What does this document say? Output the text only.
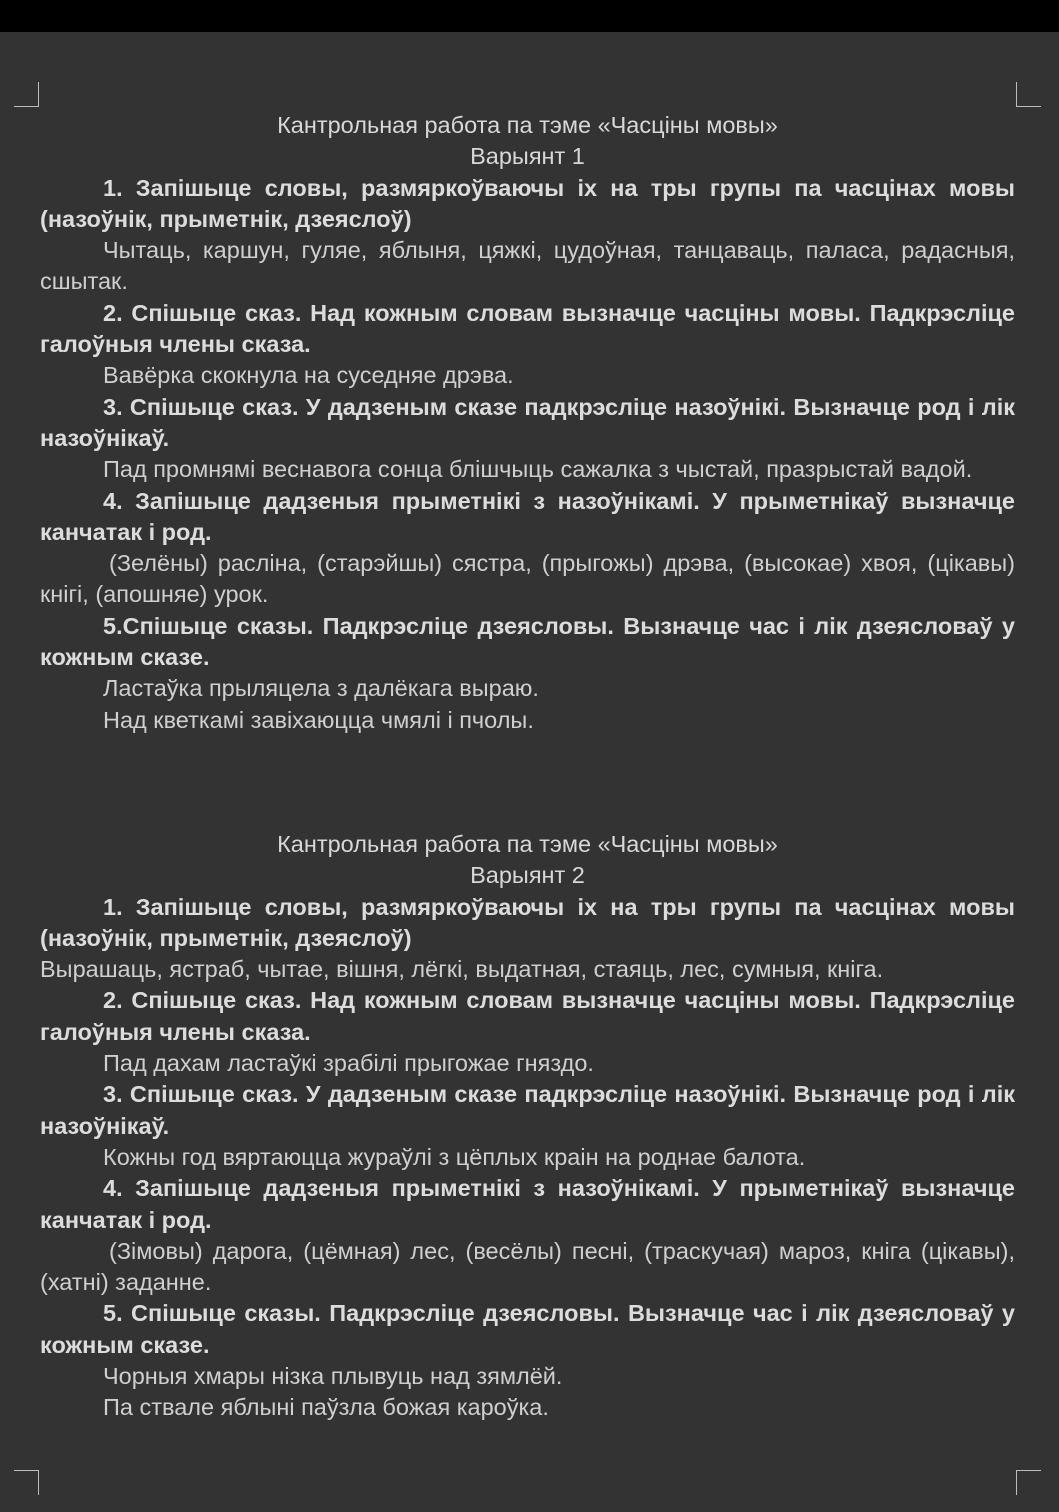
Кантрольная работа па тэме «Часціны мовы»

Варыянт 1

1. Запішыце словы, размяркоўваючы іх на тры групы па часцінах мовы (назоўнік, прыметнік, дзеяслоў)

Чытаць, каршун, гуляе, яблыня, цяжкі, цудоўная, танцаваць, паласа, радасныя, сшытак.

2. Спішыце сказ. Над кожным словам вызначце часціны мовы. Падкрэсліце галоўныя члены сказа.

Вавёрка скокнула на суседняе дрэва.

3. Спішыце сказ. У дадзеным сказе падкрэсліце назоўнікі. Вызначце род і лік назоўнікаў.

Пад промнямі веснавога сонца блішчыць сажалка з чыстай, празрыстай вадой.

4. Запішыце дадзеныя прыметнікі з назоўнікамі. У прыметнікаў вызначце канчатак і род.

(Зелёны) расліна, (старэйшы) сястра, (прыгожы) дрэва, (высокае) хвоя, (цікавы) кнігі, (апошняе) урок.

5.Спішыце сказы. Падкрэсліце дзеясловы. Вызначце час і лік дзеясловаў у кожным сказе.

Ластаўка прыляцела з далёкага выраю.

Над кветкамі завіхаюцца чмялі і пчолы.

Кантрольная работа па тэме «Часціны мовы»

Варыянт 2

1. Запішыце словы, размяркоўваючы іх на тры групы па часцінах мовы (назоўнік, прыметнік, дзеяслоў)

Вырашаць, ястраб, чытае, вішня, лёгкі, выдатная, стаяць, лес, сумныя, кніга.

2. Спішыце сказ. Над кожным словам вызначце часціны мовы. Падкрэсліце галоўныя члены сказа.

Пад дахам ластаўкі зрабілі прыгожае гняздо.

3. Спішыце сказ. У дадзеным сказе падкрэсліце назоўнікі. Вызначце род і лік назоўнікаў.

Кожны год вяртаюцца жураўлі з цёплых краін на роднае балота.

4. Запішыце дадзеныя прыметнікі з назоўнікамі. У прыметнікаў вызначце канчатак і род.

(Зімовы) дарога, (цёмная) лес, (весёлы) песні, (траскучая) мароз, кніга (цікавы), (хатні) заданне.

5. Спішыце сказы. Падкрэсліце дзеясловы. Вызначце час і лік дзеясловаў у кожным сказе.

Чорныя хмары нізка плывуць над зямлёй.

Па ствале яблыні паўзла божая кароўка.
